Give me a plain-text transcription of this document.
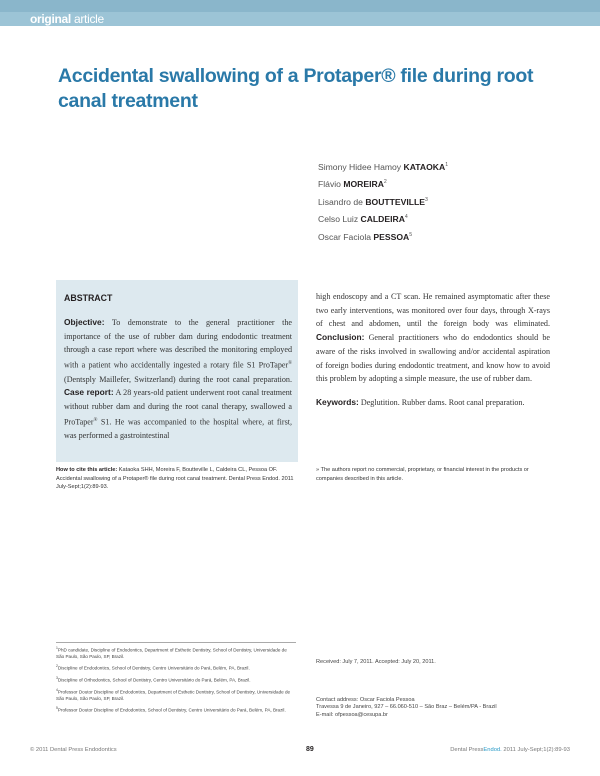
original article
Accidental swallowing of a Protaper® file during root canal treatment
Simony Hidee Hamoy KATAOKA$^1$
Flávio MOREIRA$^2$
Lisandro de BOUTTEVILLE$^3$
Celso Luiz CALDEIRA$^4$
Oscar Faciola PESSOA$^5$
ABSTRACT
Objective: To demonstrate to the general practitioner the importance of the use of rubber dam during endodontic treatment through a case report where was described the monitoring employed with a patient who accidentally ingested a rotary file S1 ProTaper® (Dentsply Maillefer, Switzerland) during the root canal preparation. Case report: A 28 years-old patient underwent root canal treatment without rubber dam and during the root canal therapy, swallowed a ProTaper® S1. He was accompanied to the hospital where, at first, was performed a gastrointestinal
high endoscopy and a CT scan. He remained asymptomatic after these two early interventions, was monitored over four days, through X-rays of chest and abdomen, until the foreign body was eliminated. Conclusion: General practitioners who do endodontics should be aware of the risks involved in swallowing and/or accidental aspiration of foreign bodies during endodontic treatment, and know how to avoid this problem by adopting a simple measure, the use of rubber dam.
Keywords: Deglutition. Rubber dams. Root canal preparation.
How to cite this article: Kataoka SHH, Moreira F, Boutteville L, Caldeira CL, Pessoa OF. Accidental swallowing of a Protaper® file during root canal treatment. Dental Press Endod. 2011 July-Sept;1(2):89-93.
» The authors report no commercial, proprietary, or financial interest in the products or companies described in this article.
$^1$PhD candidate, Discipline of Endodontics, Department of Esthetic Dentistry, School of Dentistry, Universidade de São Paulo, São Paulo, SP, Brazil.
$^2$Discipline of Endodontics, School of Dentistry, Centro Universitário do Pará, Belém, PA, Brazil.
$^3$Discipline of Orthodontics, School of Dentistry, Centro Universitário do Pará, Belém, PA, Brazil.
$^4$Professor Doutor Discipline of Endodontics, Department of Esthetic Dentistry, School of Dentistry, Universidade de São Paulo, São Paulo, SP, Brazil.
$^5$Professor Doutor Discipline of Endodontics, School of Dentistry, Centro Universitário do Pará, Belém, PA, Brazil.
Received: July 7, 2011. Accepted: July 20, 2011.
Contact address: Oscar Faciola Pessoa
Travessa 9 de Janeiro, 927 – 66.060-510 – São Braz – Belém/PA - Brazil
E-mail: ofpessoa@cesupa.br
© 2011 Dental Press Endodontics	89	Dental PressEndod. 2011 July-Sept;1(2):89-93
